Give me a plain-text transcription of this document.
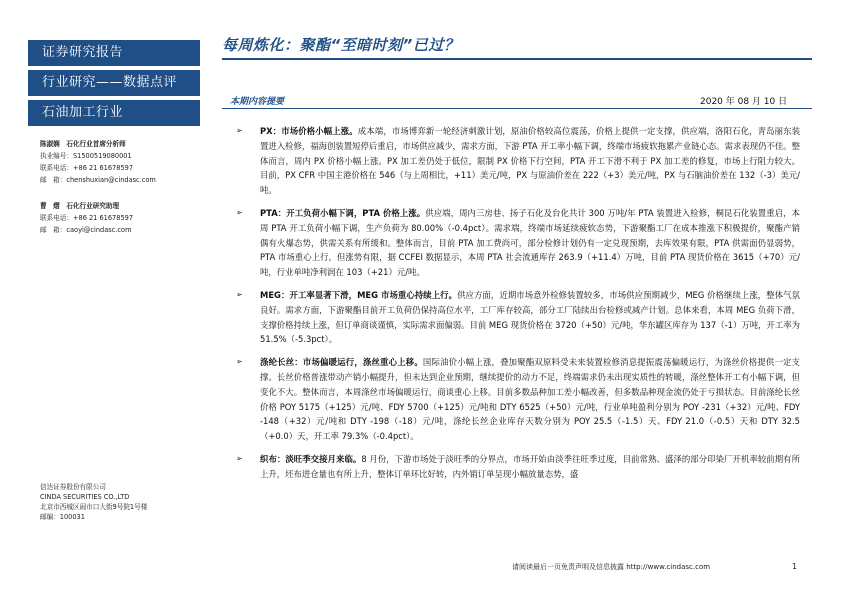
证券研究报告
行业研究——数据点评
石油加工行业
陈淑娴　 石化行业首席分析师
执业编号：S1500519080001
联系电话：+86 21 61678597
邮　箱：chenshuxian@cindasc.com
曹　熠　 石化行业研究助理
联系电话：+86 21 61678597
邮　箱：caoyi@cindasc.com
信达证券股份有限公司
CINDA SECURITIES CO.,LTD
北京市西城区闹市口大街9号院1号楼
邮编：100031
每周炼化：聚酯“至暗时刻”已过？
本期内容提要	2020 年 08 月 10 日
➢ PX：市场价格小幅上涨。成本端，市场博弈新一轮经济刺激计划，原油价格较高位震荡，价格上提供一定支撑，供应端，洛阳石化，青岛丽东装置进入检修，福海创装置短停后重启，市场供应减少，需求方面，下游 PTA 开工率小幅下调，终端市场疲软拖累产业链心态。需求表现仍不佳。整体而言，周内 PX 价格小幅上涨。PX 加工差仍处于低位，限制 PX 价格下行空间，PTA 开工下滑不利于 PX 加工差的修复，市场上行阻力较大。目前，PX CFR 中国主港价格在 546（与上周相比，+11）美元/吨，PX 与原油价差在 222（+3）美元/吨，PX 与石脑油价差在 132（-3）美元/吨。
➢ PTA：开工负荷小幅下调，PTA 价格上涨。供应端，周内三房巷、扬子石化及台化共计 300 万吨/年 PTA 装置进入检修，桐昆石化装置重启，本周 PTA 开工负荷小幅下调，生产负荷为 80.00%（-0.4pct）。需求端，终端市场延续疲软态势，下游聚酯工厂在成本推涨下积极提价，聚酯产销偶有火爆态势，供需关系有所缓和。整体而言，目前 PTA 加工费尚可，部分检修计划仍有一定兑现预期，去库效果有限，PTA 供需面仍显弱势，PTA 市场重心上行，但涨势有限，据 CCFEI 数据显示，本周 PTA 社会流通库存 263.9（+11.4）万吨，目前 PTA 现货价格在 3615（+70）元/吨，行业单吨净利润在 103（+21）元/吨。
➢ MEG：开工率显著下滑，MEG 市场重心持续上行。供应方面，近期市场意外检修装置较多，市场供应预期减少，MEG 价格继续上涨，整体气氛良好。需求方面，下游聚酯目前开工负荷仍保持高位水平，工厂库存较高，部分工厂陆续出台检修或减产计划。总体来看，本周 MEG 负荷下滑，支撑价格持续上涨，但订单商谈谨慎，实际需求面偏弱。目前 MEG 现货价格在 3720（+50）元/吨，华东罐区库存为 137（-1）万吨，开工率为 51.5%（-5.3pct）。
➢ 涤纶长丝：市场偏暖运行，涤丝重心上移。国际油价小幅上涨，叠加聚酯双原料受未来装置检修消息提振震荡偏暖运行，为涤丝价格提供一定支撑。长丝价格普涨带动产销小幅提升，但未达到企业预期，继续提价的动力不足，终端需求仍未出现实质性的转暖，涤丝整体开工有小幅下调，但变化不大。整体而言，本周涤丝市场偏暖运行，商谈重心上移。目前多数品种加工差小幅改善，但多数品种现金流仍处于亏损状态。目前涤纶长丝价格 POY 5175（+125）元/吨、FDY 5700（+125）元/吨和 DTY 6525（+50）元/吨，行业单吨盈利分别为 POY -231（+32）元/吨、FDY -148（+32）元/吨和 DTY -198（-18）元/吨，涤纶长丝企业库存天数分别为 POY 25.5（-1.5）天、FDY 21.0（-0.5）天和 DTY 32.5（+0.0）天，开工率 79.3%（-0.4pct）。
➢ 织布：淡旺季交接月来临。8 月份，下游市场处于淡旺季的分界点，市场开始由淡季往旺季过度，目前常熟、盛泽的部分印染厂开机率较前期有所上升，坯布进仓量也有所上升，整体订单环比好转，内外销订单呈现小幅放量态势，盛
请阅读最后一页免责声明及信息披露 http://www.cindasc.com	1
